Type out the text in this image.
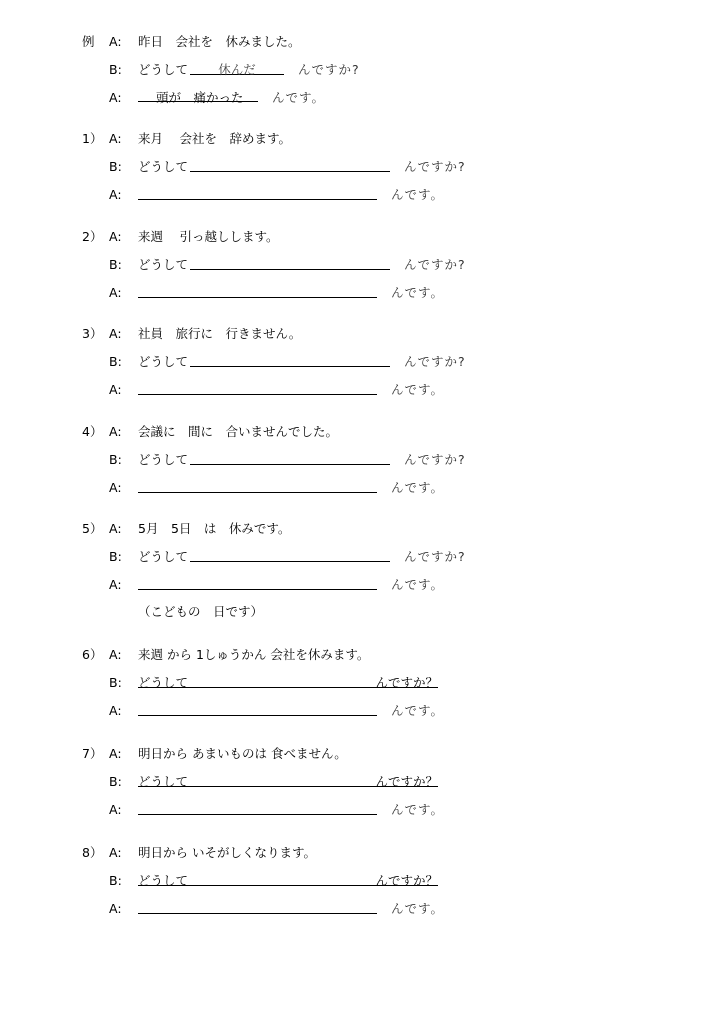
例 A: 昨日　会社を　休みました。
B: どうして	休んだ	んですか?
A:	頭が　痛かった	んです。
1） A: 来月　 会社を　辞めます。
B: どうして	んですか?
A:	んです。
2） A: 来週　 引っ越しします。
B: どうして	んですか?
A:	んです。
3） A: 社員　旅行に　行きません。
B: どうして	んですか?
A:	んです。
4） A: 会議に　間に　合いませんでした。
B: どうして	んですか?
A:	んです。
5） A: 5月　5日　は　休みです。
B: どうして	んですか?
A:	んです。
（こどもの　日です）
6） A: 来週 から 1しゅうかん 会社を休みます。
B: どうして　　　　　　　　　　　　　　　んですか？
A:	んです。
7） A: 明日から あまいものは 食べません。
B: どうして　　　　　　　　　　　　　　　んですか？
A:	んです。
8） A: 明日から いそがしくなります。
B: どうして　　　　　　　　　　　　　　　んですか？
A:	んです。
